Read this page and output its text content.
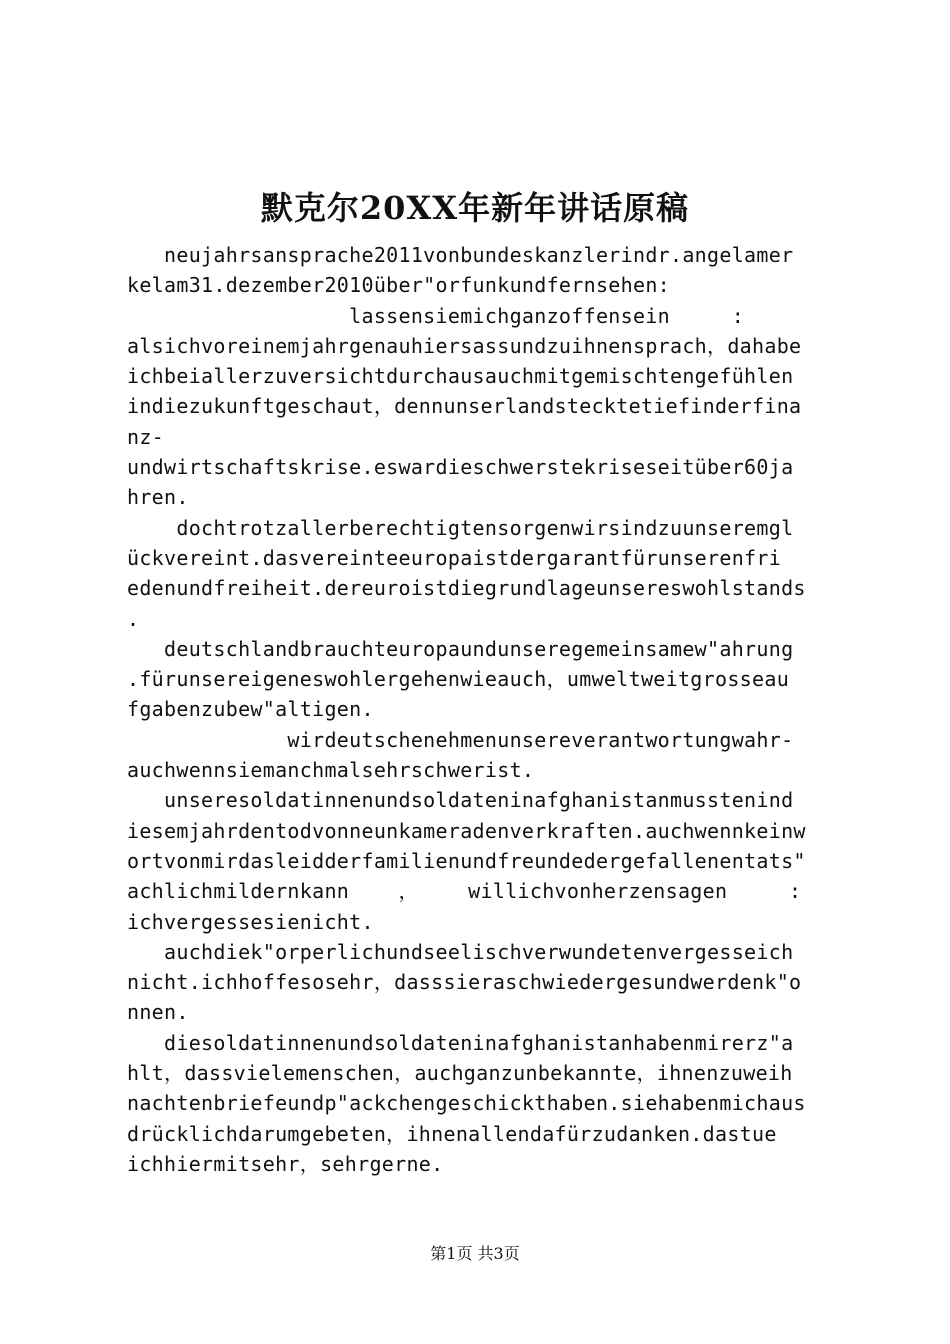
默克尔20XX年新年讲话原稿
neujahrsansprache2011vonbundeskanzlerindr.angelamer
kelam31.dezember2010über"orfunkundfernsehen:
lassensiemichganzoffensein     :
alsichvoreinemjahrgenauhiersassundzuihnensprach，dahabe
ichbeiallerzuversichtdurchausauchmitgemischtengefühlen
indiezukunftgeschaut，dennunserlandstecktetiefinderfina
nz-
undwirtschaftskrise.eswardieschwerstekriseseitüber60ja
hren.
dochtrotzallerberechtigtensorgenwirsindzuunseremgl
ückvereint.dasvereinteeuropaistdergarantfürunserenfri
edenundfreiheit.dereuroistdiegrundlageunsereswohlstands
.
deutschlandbrauchteuropaundunseregemeinsamew"ahrung
.fürunsereigeneswohlergehenwieauch，umweltweitgrosseau
fgabenzubew"altigen.
wirdeutschenehmenunsereverantwortungwahr-
auchwennsiemanchmalsehrschwerist.
unseresoldatinnenundsoldateninafghanistanmusstenind
iesemjahrdentodvonneunkameradenverkraften.auchwennkeinw
ortvonmirdasleidderfamilienundfreundedergefallenentats"
achlichmildernkann    ，    willichvonherzensagen     :
ichvergessesienicht.
auchdiek"orperlichundseelischverwundetenvergesseich
nicht.ichhoffesosehr，dasssieraschwiedergesundwerdenk"o
nnen.
diesoldatinnenundsoldateninafghanistanhabenmirerz"a
hlt，dassvielemenschen，auchganzunbekannte，ihnenzuweih
nachtenbriefeundp"ackchengeschickthaben.siehabenmichaus
drücklichdarumgebeten，ihnenallendafürzudanken.dastue
ichhiermitsehr，sehrgerne.
第1页 共3页
